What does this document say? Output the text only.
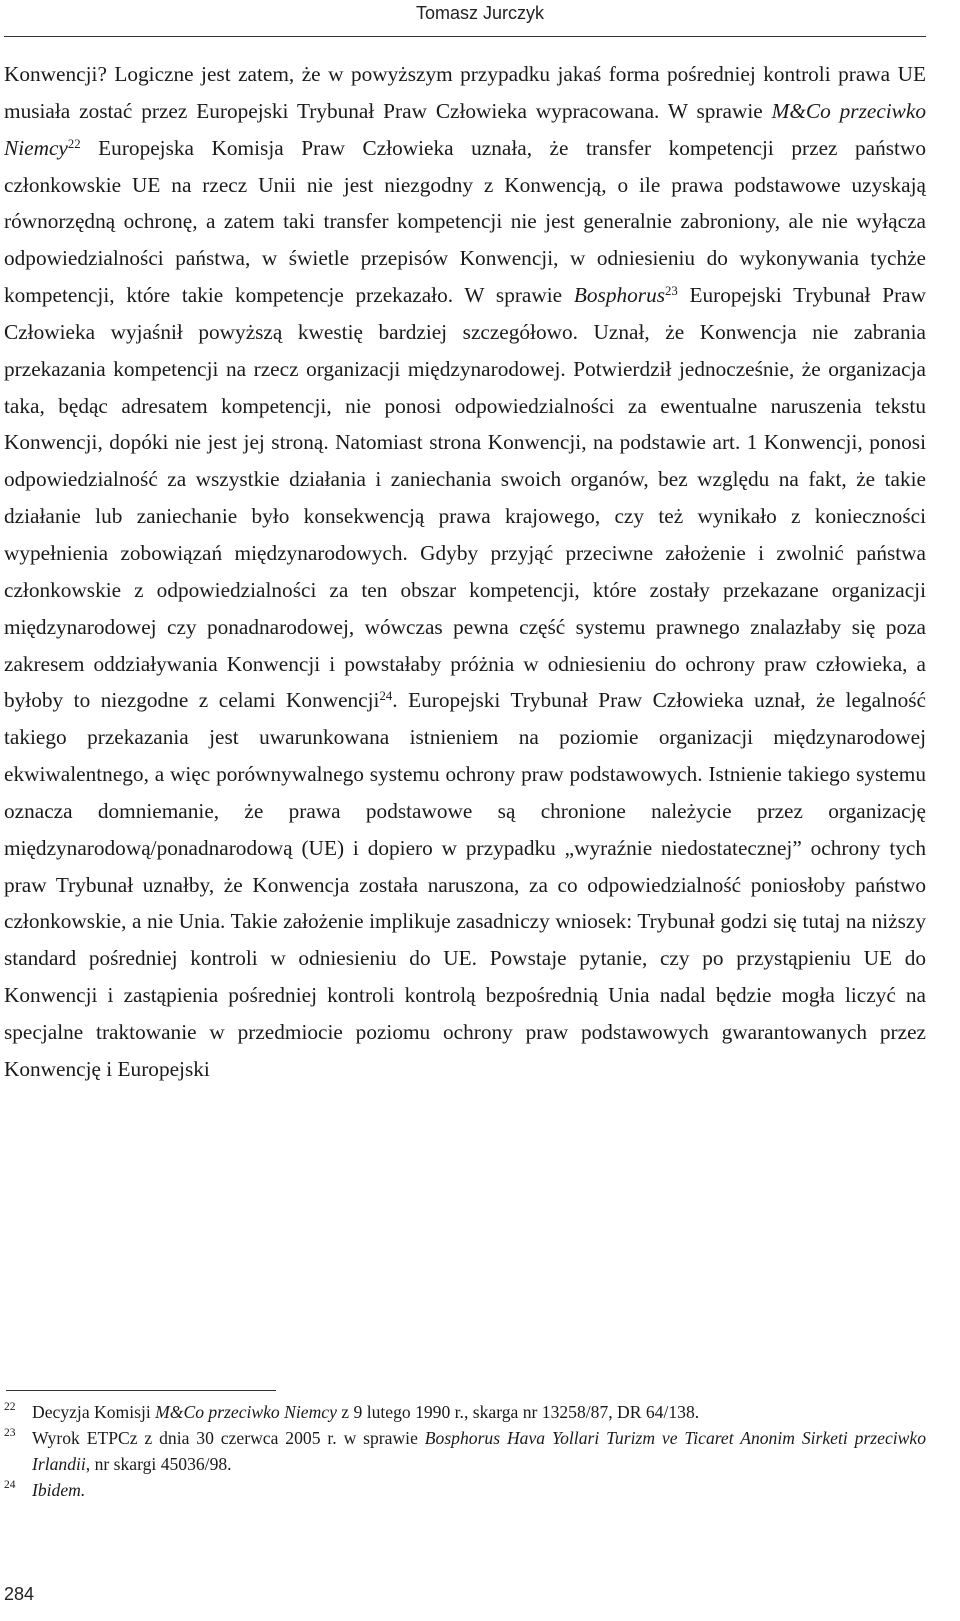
Tomasz Jurczyk

Konwencji? Logiczne jest zatem, że w powyższym przypadku jakaś forma pośredniej kontroli prawa UE musiała zostać przez Europejski Trybunał Praw Człowieka wypracowana. W sprawie M&Co przeciwko Niemcy$^{22}$ Europejska Komisja Praw Człowieka uznała, że transfer kompetencji przez państwo członkowskie UE na rzecz Unii nie jest niezgodny z Konwencją, o ile prawa podstawowe uzyskają równorzędną ochronę, a zatem taki transfer kompetencji nie jest generalnie zabroniony, ale nie wyłącza odpowiedzialności państwa, w świetle przepisów Konwencji, w odniesieniu do wykonywania tychże kompetencji, które takie kompetencje przekazało. W sprawie Bosphorus$^{23}$ Europejski Trybunał Praw Człowieka wyjaśnił powyższą kwestię bardziej szczegółowo. Uznał, że Konwencja nie zabrania przekazania kompetencji na rzecz organizacji międzynarodowej. Potwierdził jednocześnie, że organizacja taka, będąc adresatem kompetencji, nie ponosi odpowiedzialności za ewentualne naruszenia tekstu Konwencji, dopóki nie jest jej stroną. Natomiast strona Konwencji, na podstawie art. 1 Konwencji, ponosi odpowiedzialność za wszystkie działania i zaniechania swoich organów, bez względu na fakt, że takie działanie lub zaniechanie było konsekwencją prawa krajowego, czy też wynikało z konieczności wypełnienia zobowiązań międzynarodowych. Gdyby przyjąć przeciwne założenie i zwolnić państwa członkowskie z odpowiedzialności za ten obszar kompetencji, które zostały przekazane organizacji międzynarodowej czy ponadnarodowej, wówczas pewna część systemu prawnego znalazłaby się poza zakresem oddziaływania Konwencji i powstałaby próżnia w odniesieniu do ochrony praw człowieka, a byłoby to niezgodne z celami Konwencji$^{24}$. Europejski Trybunał Praw Człowieka uznał, że legalność takiego przekazania jest uwarunkowana istnieniem na poziomie organizacji międzynarodowej ekwiwalentnego, a więc porównywalnego systemu ochrony praw podstawowych. Istnienie takiego systemu oznacza domniemanie, że prawa podstawowe są chronione należycie przez organizację międzynarodową/ponadnarodową (UE) i dopiero w przypadku „wyraźnie niedostatecznej” ochrony tych praw Trybunał uznałby, że Konwencja została naruszona, za co odpowiedzialność poniosłoby państwo członkowskie, a nie Unia. Takie założenie implikuje zasadniczy wniosek: Trybunał godzi się tutaj na niższy standard pośredniej kontroli w odniesieniu do UE. Powstaje pytanie, czy po przystąpieniu UE do Konwencji i zastąpienia pośredniej kontroli kontrolą bezpośrednią Unia nadal będzie mogła liczyć na specjalne traktowanie w przedmiocie poziomu ochrony praw podstawowych gwarantowanych przez Konwencję i Europejski

22 Decyzja Komisji M&Co przeciwko Niemcy z 9 lutego 1990 r., skarga nr 13258/87, DR 64/138.
23 Wyrok ETPCz z dnia 30 czerwca 2005 r. w sprawie Bosphorus Hava Yollari Turizm ve Ticaret Anonim Sirketi przeciwko Irlandii, nr skargi 45036/98.
24 Ibidem.
284
